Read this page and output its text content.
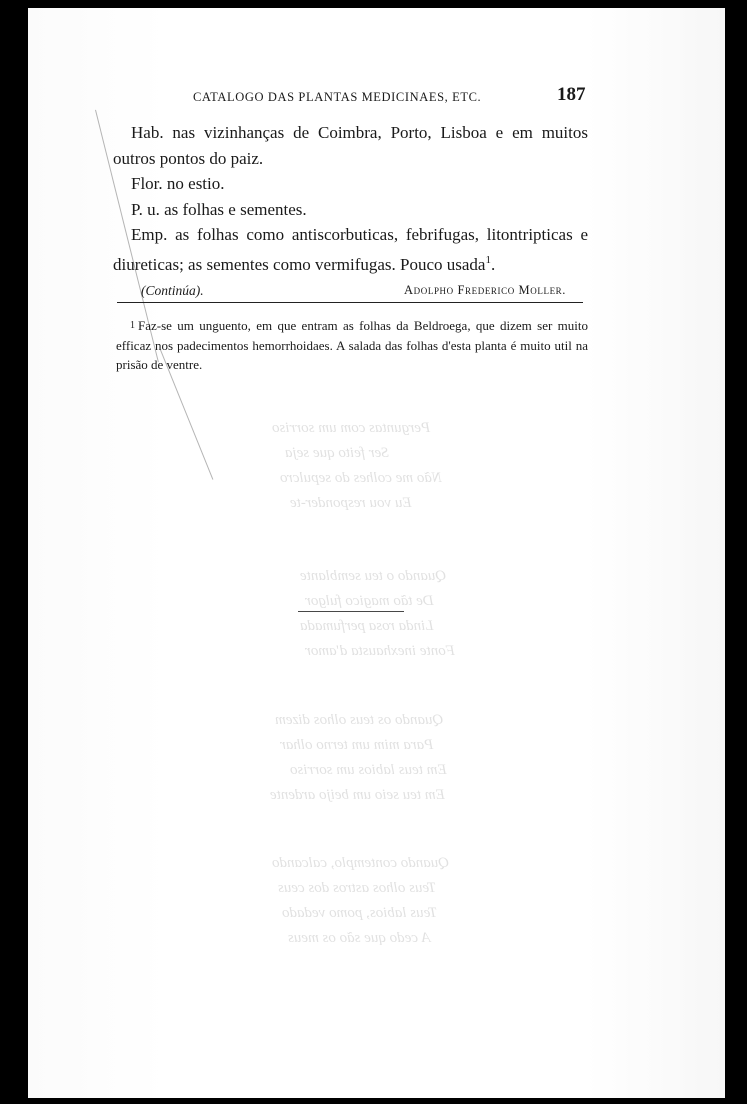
Perguntas com um sorriso
Ser feito que seja
Não me colhes do sepulcro
Eu vou responder-te
Quando o teu semblante
De tão magico fulgor
Linda rosa perfumada
Fonte inexhausta d'amor
Quando os teus olhos dizem
Para mim um terno olhar
Em teus labios um sorriso
Em teu seio um beijo ardente
Quando contemplo, calcando
Teus olhos astros dos ceus
Teus labios, pomo vedado
A cedo que são os meus
CATALOGO DAS PLANTAS MEDICINAES, ETC.	187

Hab. nas vizinhanças de Coimbra, Porto, Lisboa e em muitos outros pontos do paiz.

Flor. no estio.

P. u. as folhas e sementes.

Emp. as folhas como antiscorbuticas, febrifugas, litontripticas e diureticas; as sementes como vermifugas. Pouco usada$^1$.

(Continúa).	Adolpho Frederico Moller.
1 Faz-se um unguento, em que entram as folhas da Beldroega, que dizem ser muito efficaz nos padecimentos hemorrhoidaes. A salada das folhas d'esta planta é muito util na prisão de ventre.
